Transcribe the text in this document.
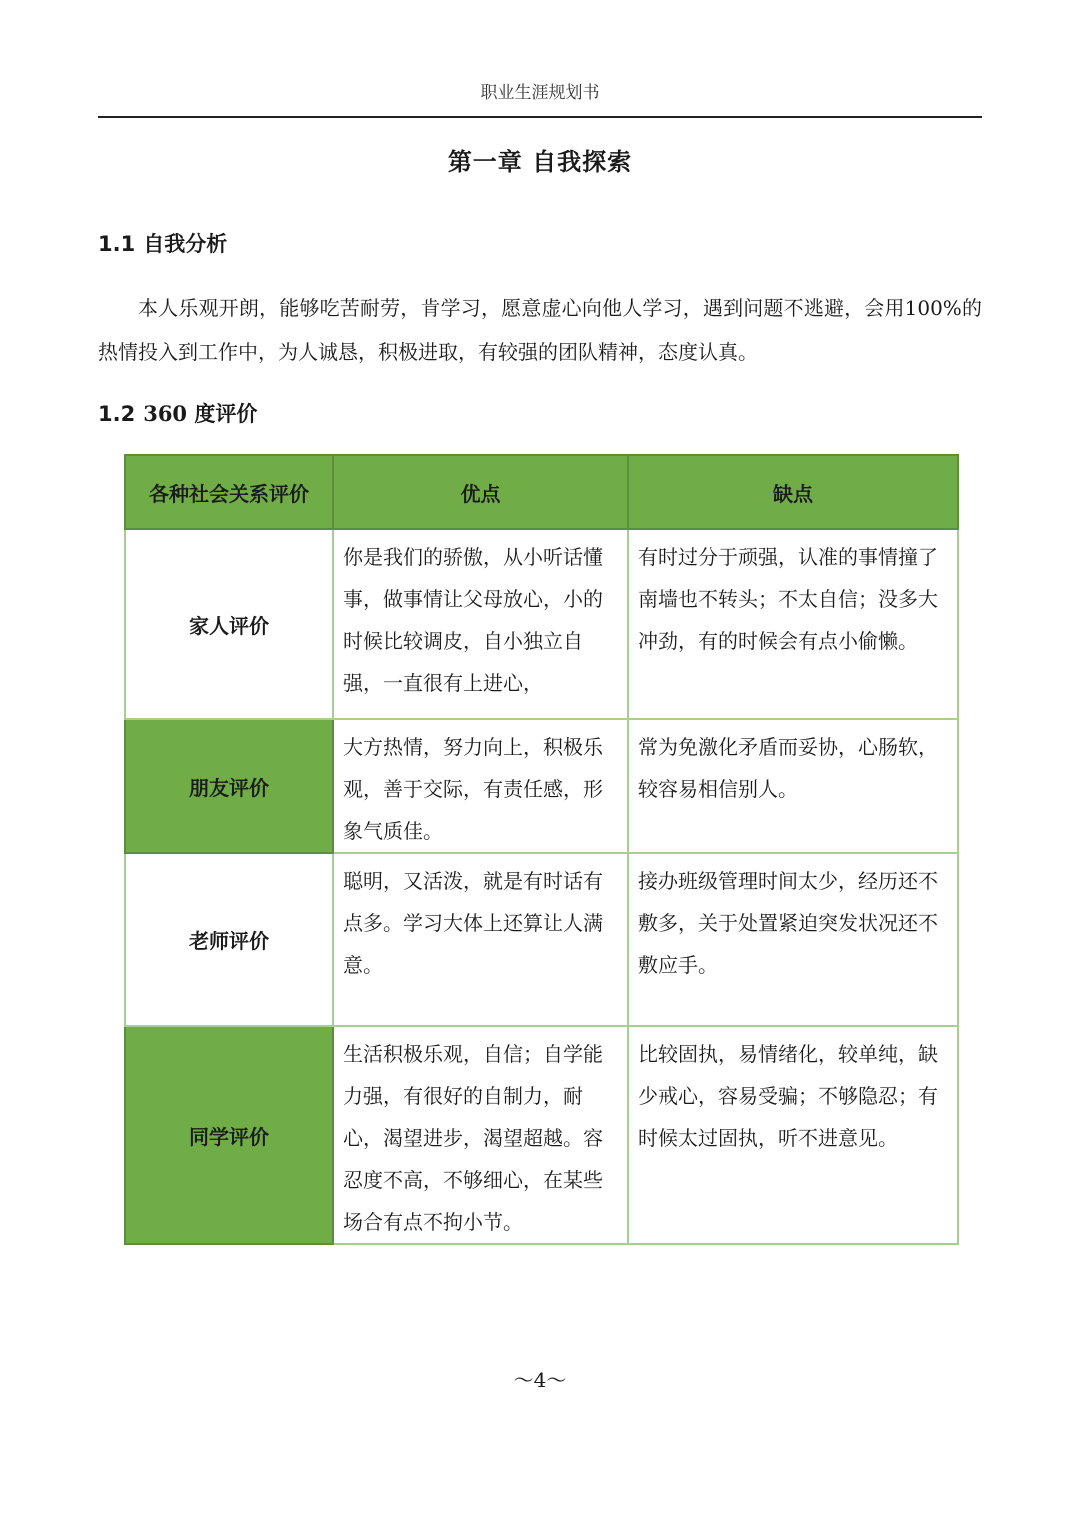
职业生涯规划书
第一章 自我探索
1.1 自我分析
本人乐观开朗，能够吃苦耐劳，肯学习，愿意虚心向他人学习，遇到问题不逃避，会用100%的热情投入到工作中，为人诚恳，积极进取，有较强的团队精神，态度认真。
1.2 360 度评价
各种社会关系评价	优点	缺点
家人评价	你是我们的骄傲，从小听话懂事，做事情让父母放心，小的时候比较调皮，自小独立自强，一直很有上进心，	有时过分于顽强，认准的事情撞了南墙也不转头；不太自信；没多大冲劲，有的时候会有点小偷懒。
朋友评价	大方热情，努力向上，积极乐观，善于交际，有责任感，形象气质佳。	常为免激化矛盾而妥协，心肠软，较容易相信别人。
老师评价	聪明，又活泼，就是有时话有点多。学习大体上还算让人满意。	接办班级管理时间太少，经历还不敷多，关于处置紧迫突发状况还不敷应手。
同学评价	生活积极乐观，自信；自学能力强，有很好的自制力，耐心，渴望进步，渴望超越。容忍度不高，不够细心，在某些场合有点不拘小节。	比较固执，易情绪化，较单纯，缺少戒心，容易受骗；不够隐忍；有时候太过固执，听不进意见。
～4～
